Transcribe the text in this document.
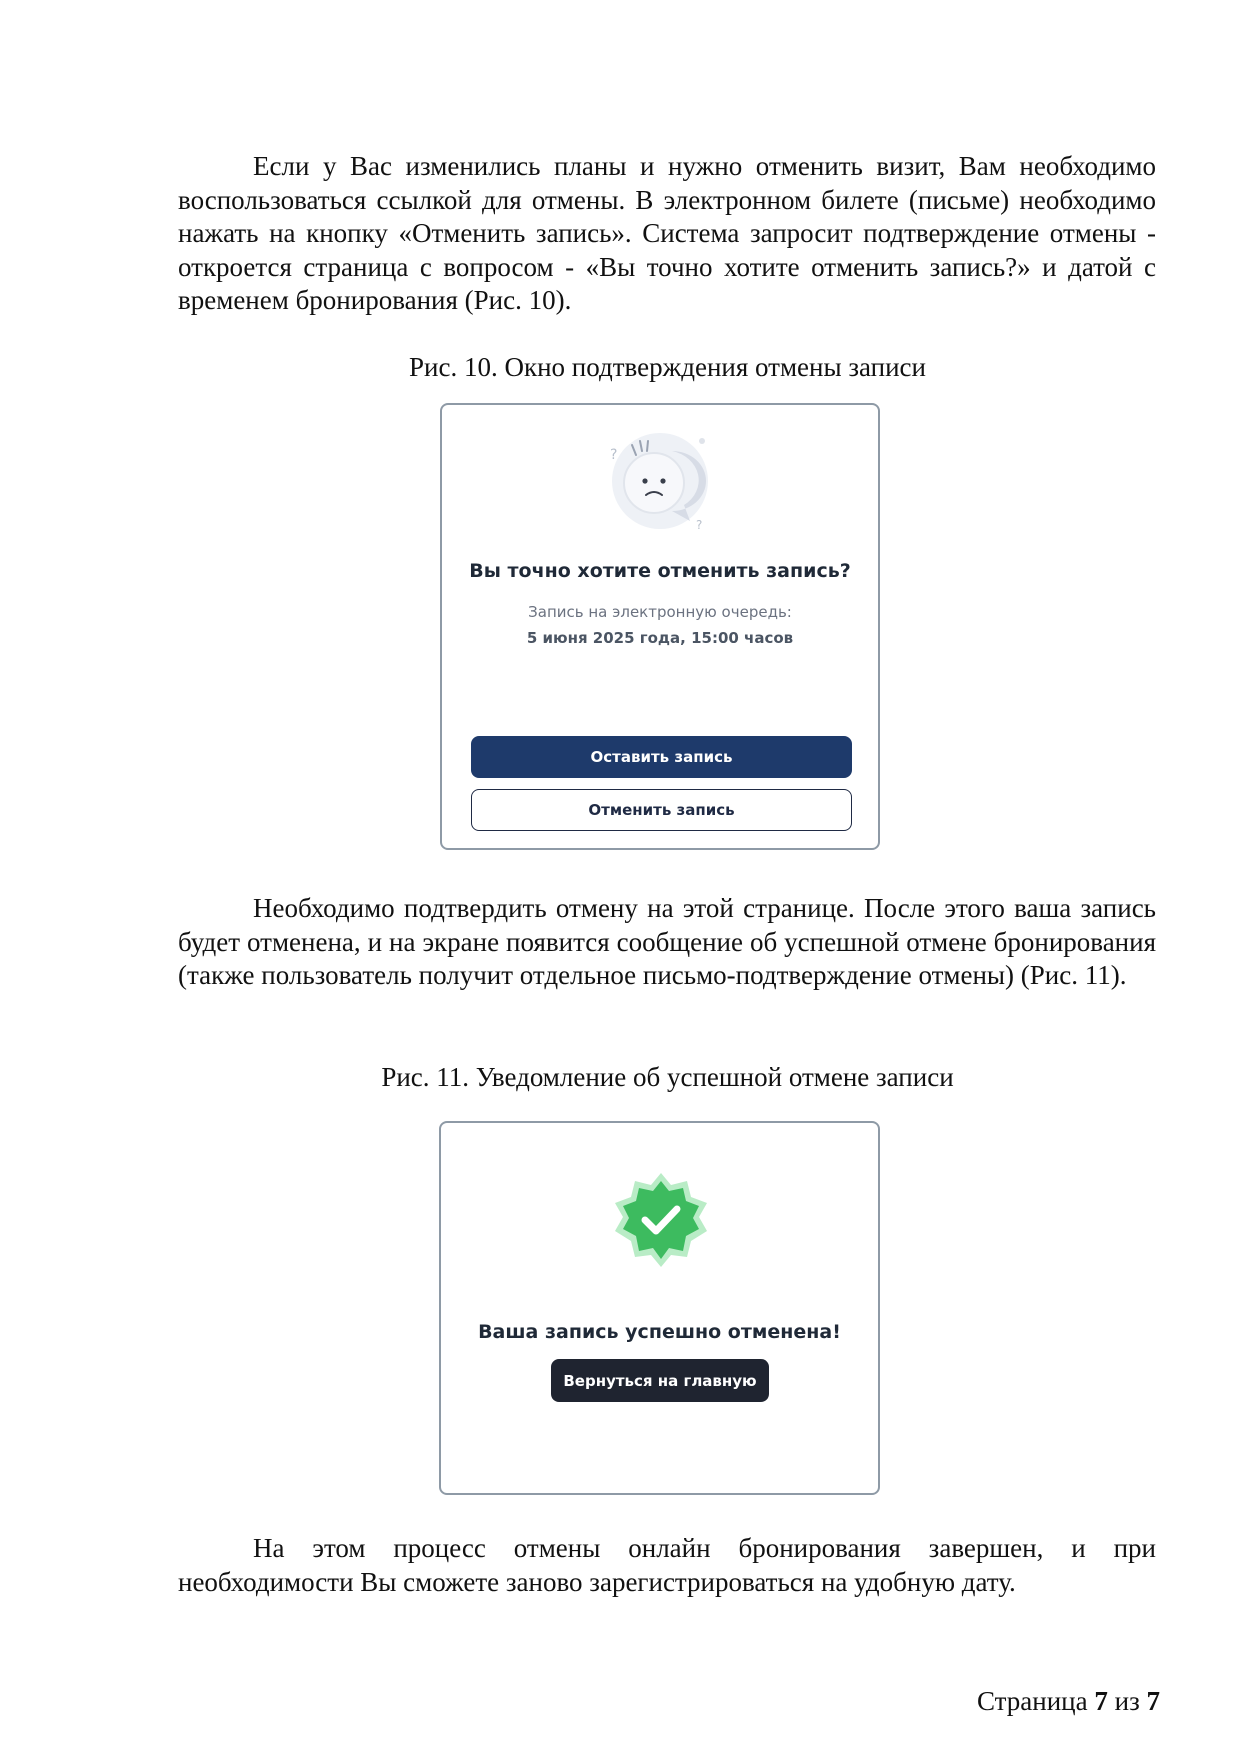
Если у Вас изменились планы и нужно отменить визит, Вам необходимо воспользоваться ссылкой для отмены. В электронном билете (письме) необходимо нажать на кнопку «Отменить запись». Система запросит подтверждение отмены - откроется страница с вопросом - «Вы точно хотите отменить запись?» и датой с временем бронирования (Рис. 10).

Рис. 10. Окно подтверждения отмены записи

?
?
Вы точно хотите отменить запись?
Запись на электронную очередь:
5 июня 2025 года, 15:00 часов
Оставить запись
Отменить запись

Необходимо подтвердить отмену на этой странице. После этого ваша запись будет отменена, и на экране появится сообщение об успешной отмене бронирования (также пользователь получит отдельное письмо-подтверждение отмены) (Рис. 11).

Рис. 11. Уведомление об успешной отмене записи

Ваша запись успешно отменена!
Вернуться на главную

На этом процесс отмены онлайн бронирования завершен, и при необходимости Вы сможете заново зарегистрироваться на удобную дату.

Страница 7 из 7
